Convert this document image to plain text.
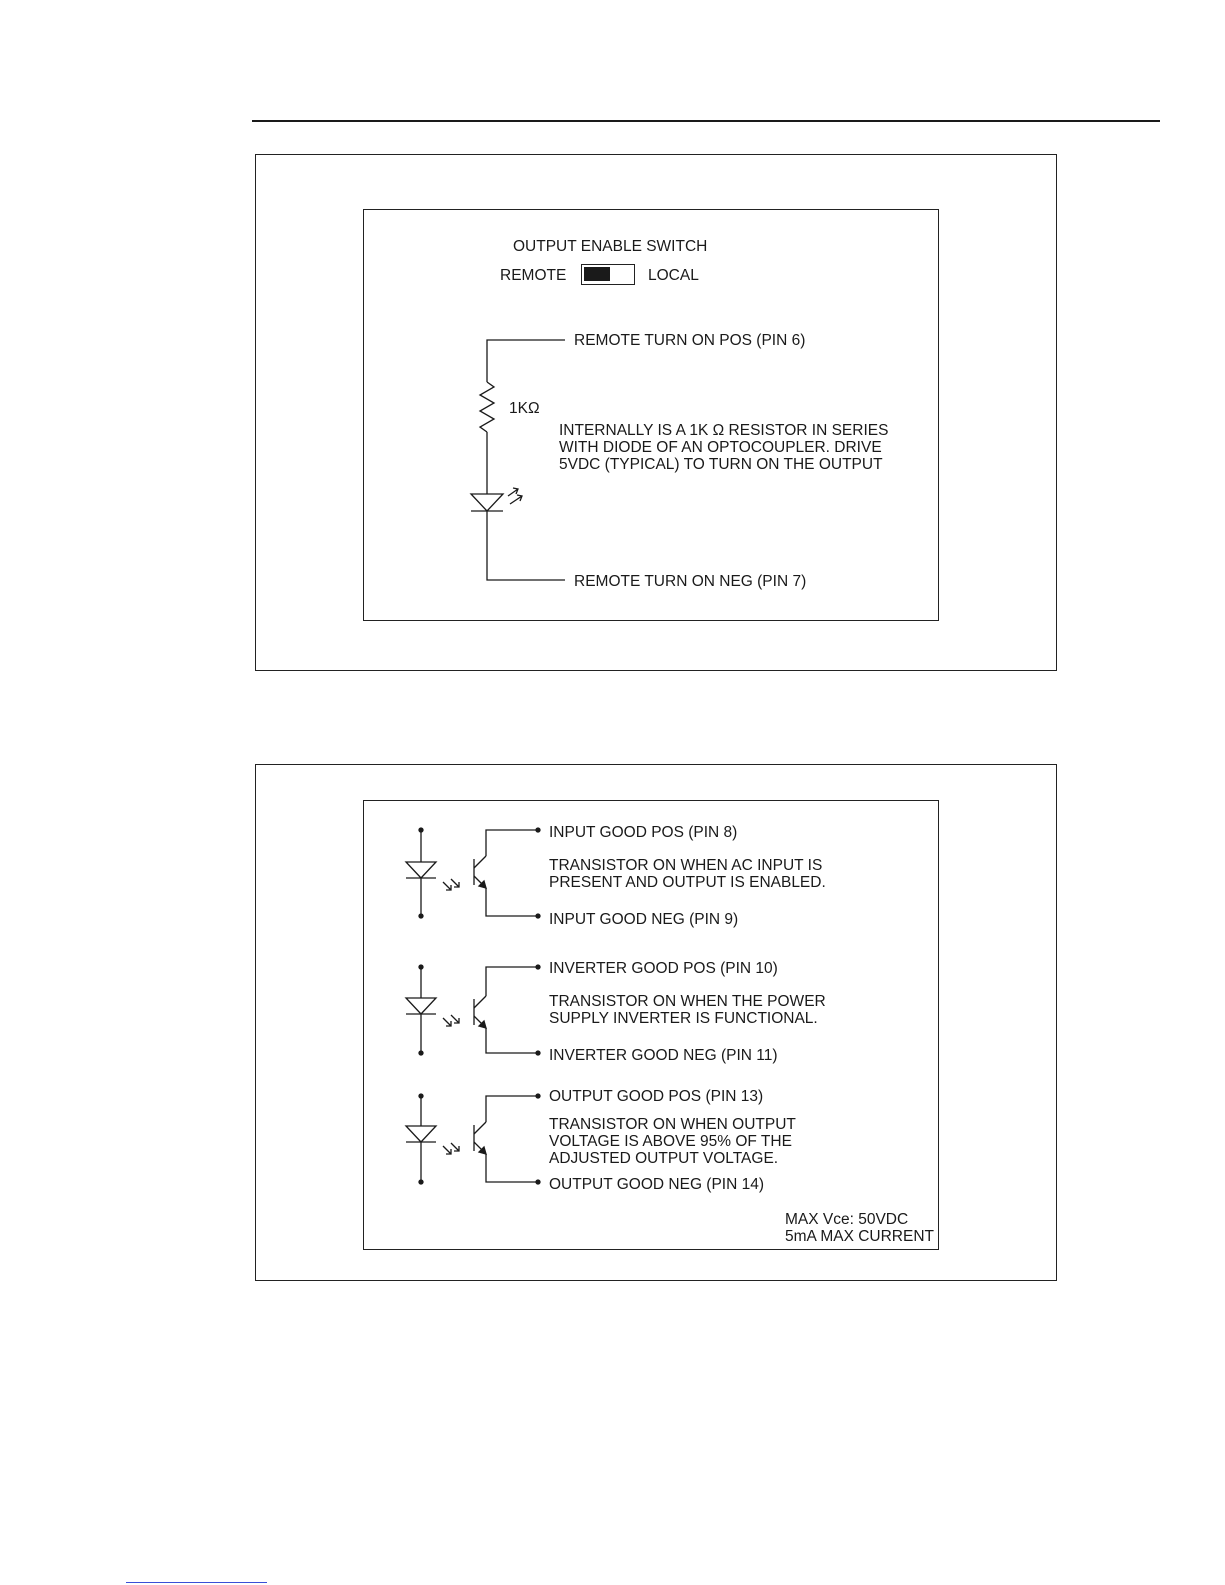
OUTPUT ENABLE SWITCH
REMOTE	LOCAL
REMOTE TURN ON POS (PIN 6)
1KΩ
INTERNALLY IS A 1K Ω RESISTOR IN SERIES
WITH DIODE OF AN OPTOCOUPLER. DRIVE
5VDC (TYPICAL) TO TURN ON THE OUTPUT
REMOTE TURN ON NEG (PIN 7)
INPUT GOOD POS (PIN 8)
TRANSISTOR ON WHEN AC INPUT IS
PRESENT AND OUTPUT IS ENABLED.
INPUT GOOD NEG (PIN 9)
INVERTER GOOD POS (PIN 10)
TRANSISTOR ON WHEN THE POWER
SUPPLY INVERTER IS FUNCTIONAL.
INVERTER GOOD NEG (PIN 11)
OUTPUT GOOD POS (PIN 13)
TRANSISTOR ON WHEN OUTPUT
VOLTAGE IS ABOVE 95% OF THE
ADJUSTED OUTPUT VOLTAGE.
OUTPUT GOOD NEG (PIN 14)
MAX Vce: 50VDC
5mA MAX CURRENT
